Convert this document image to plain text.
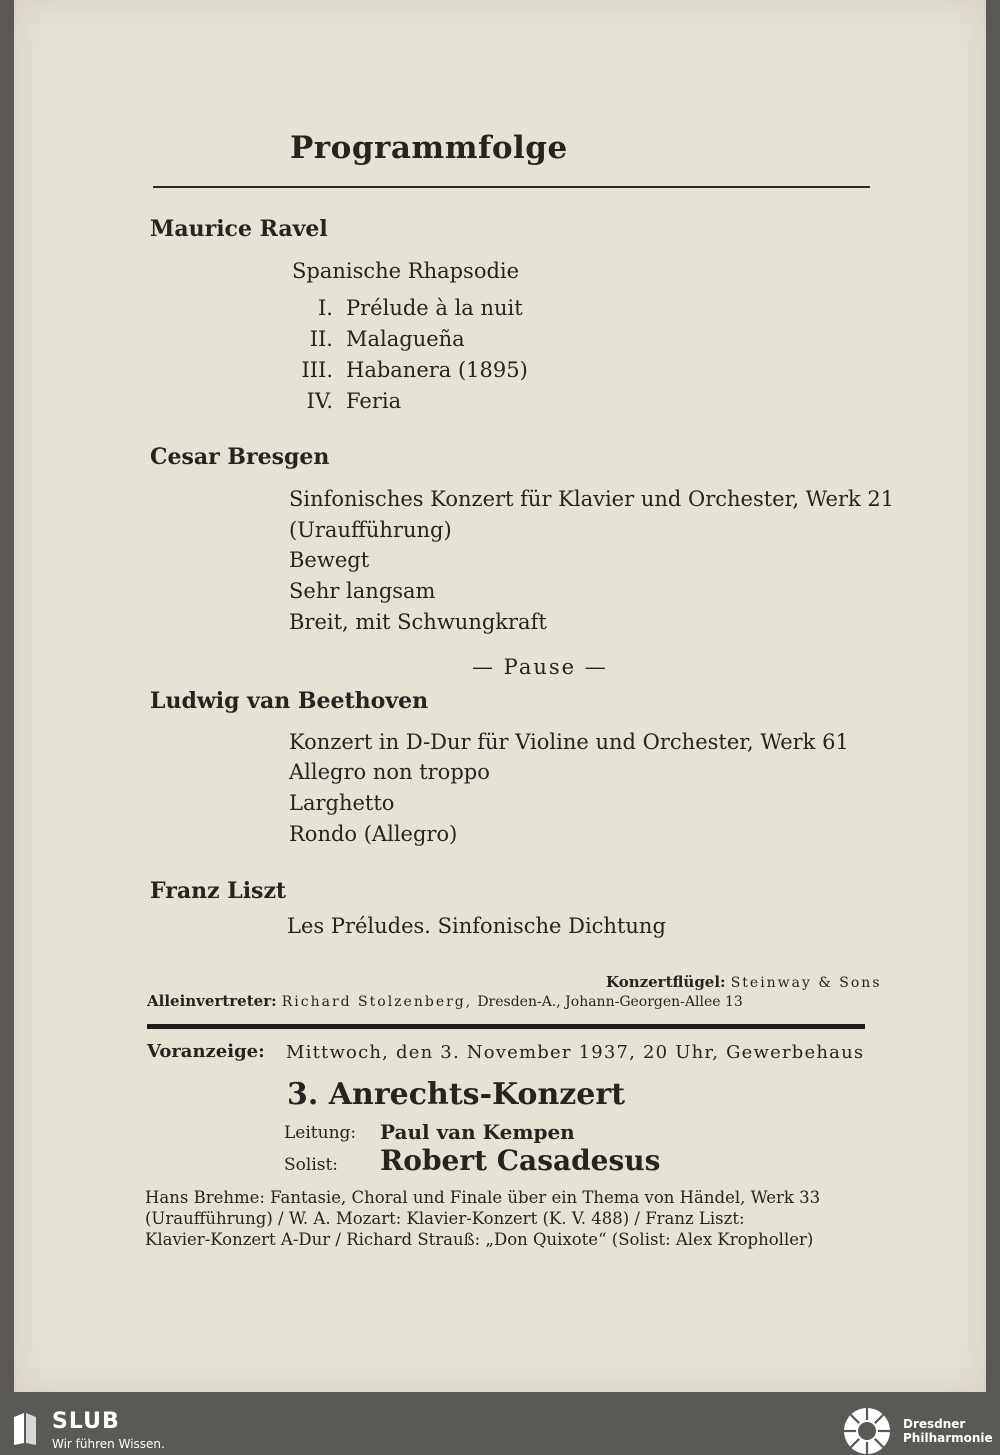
Programmfolge
Maurice Ravel
Spanische Rhapsodie
I. Prélude à la nuit
II. Malagueña
III. Habanera (1895)
IV. Feria
Cesar Bresgen
Sinfonisches Konzert für Klavier und Orchester, Werk 21
(Uraufführung)
Bewegt
Sehr langsam
Breit, mit Schwungkraft
— Pause —
Ludwig van Beethoven
Konzert in D-Dur für Violine und Orchester, Werk 61
Allegro non troppo
Larghetto
Rondo (Allegro)
Franz Liszt
Les Préludes. Sinfonische Dichtung
Konzertflügel: Steinway & Sons
Alleinvertreter: Richard Stolzenberg, Dresden-A., Johann-Georgen-Allee 13
Voranzeige: Mittwoch, den 3. November 1937, 20 Uhr, Gewerbehaus
3. Anrechts-Konzert
Leitung: Paul van Kempen
Solist: Robert Casadesus
Hans Brehme: Fantasie, Choral und Finale über ein Thema von Händel, Werk 33
(Uraufführung) / W. A. Mozart: Klavier-Konzert (K. V. 488) / Franz Liszt:
Klavier-Konzert A-Dur / Richard Strauß: „Don Quixote“ (Solist: Alex Kropholler)
SLUB
Wir führen Wissen.
Dresdner
Philharmonie
